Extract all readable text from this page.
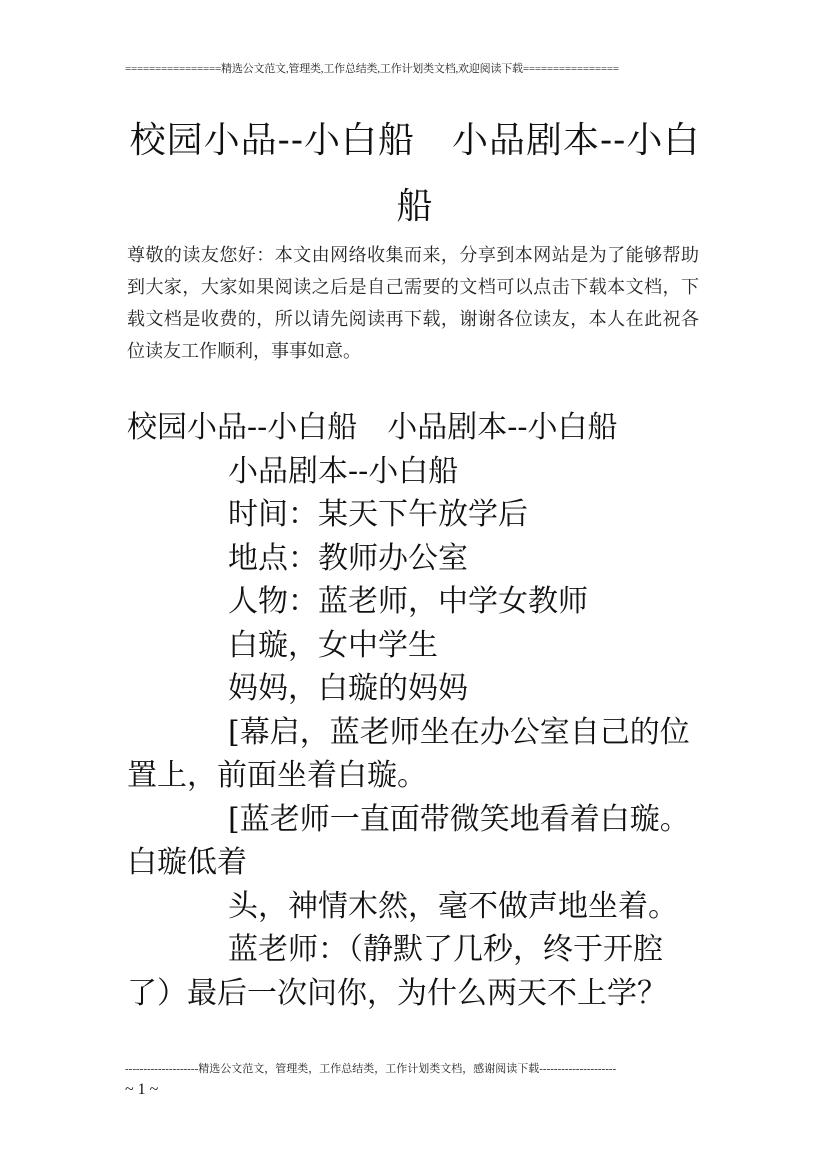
================精选公文范文,管理类,工作总结类,工作计划类文档,欢迎阅读下载================
校园小品--小白船　小品剧本--小白船

尊敬的读友您好：本文由网络收集而来，分享到本网站是为了能够帮助到大家，大家如果阅读之后是自己需要的文档可以点击下载本文档，下载文档是收费的，所以请先阅读再下载，谢谢各位读友，本人在此祝各位读友工作顺利，事事如意。

校园小品--小白船　小品剧本--小白船

小品剧本--小白船

时间：某天下午放学后

地点：教师办公室

人物：蓝老师，中学女教师

白璇，女中学生

妈妈，白璇的妈妈

[幕启，蓝老师坐在办公室自己的位置上，前面坐着白璇。

[蓝老师一直面带微笑地看着白璇。白璇低着

头，神情木然，毫不做声地坐着。

蓝老师：（静默了几秒，终于开腔了）最后一次问你，为什么两天不上学？

--------------------精选公文范文，管理类，工作总结类，工作计划类文档，感谢阅读下载---------------------
~ 1 ~
